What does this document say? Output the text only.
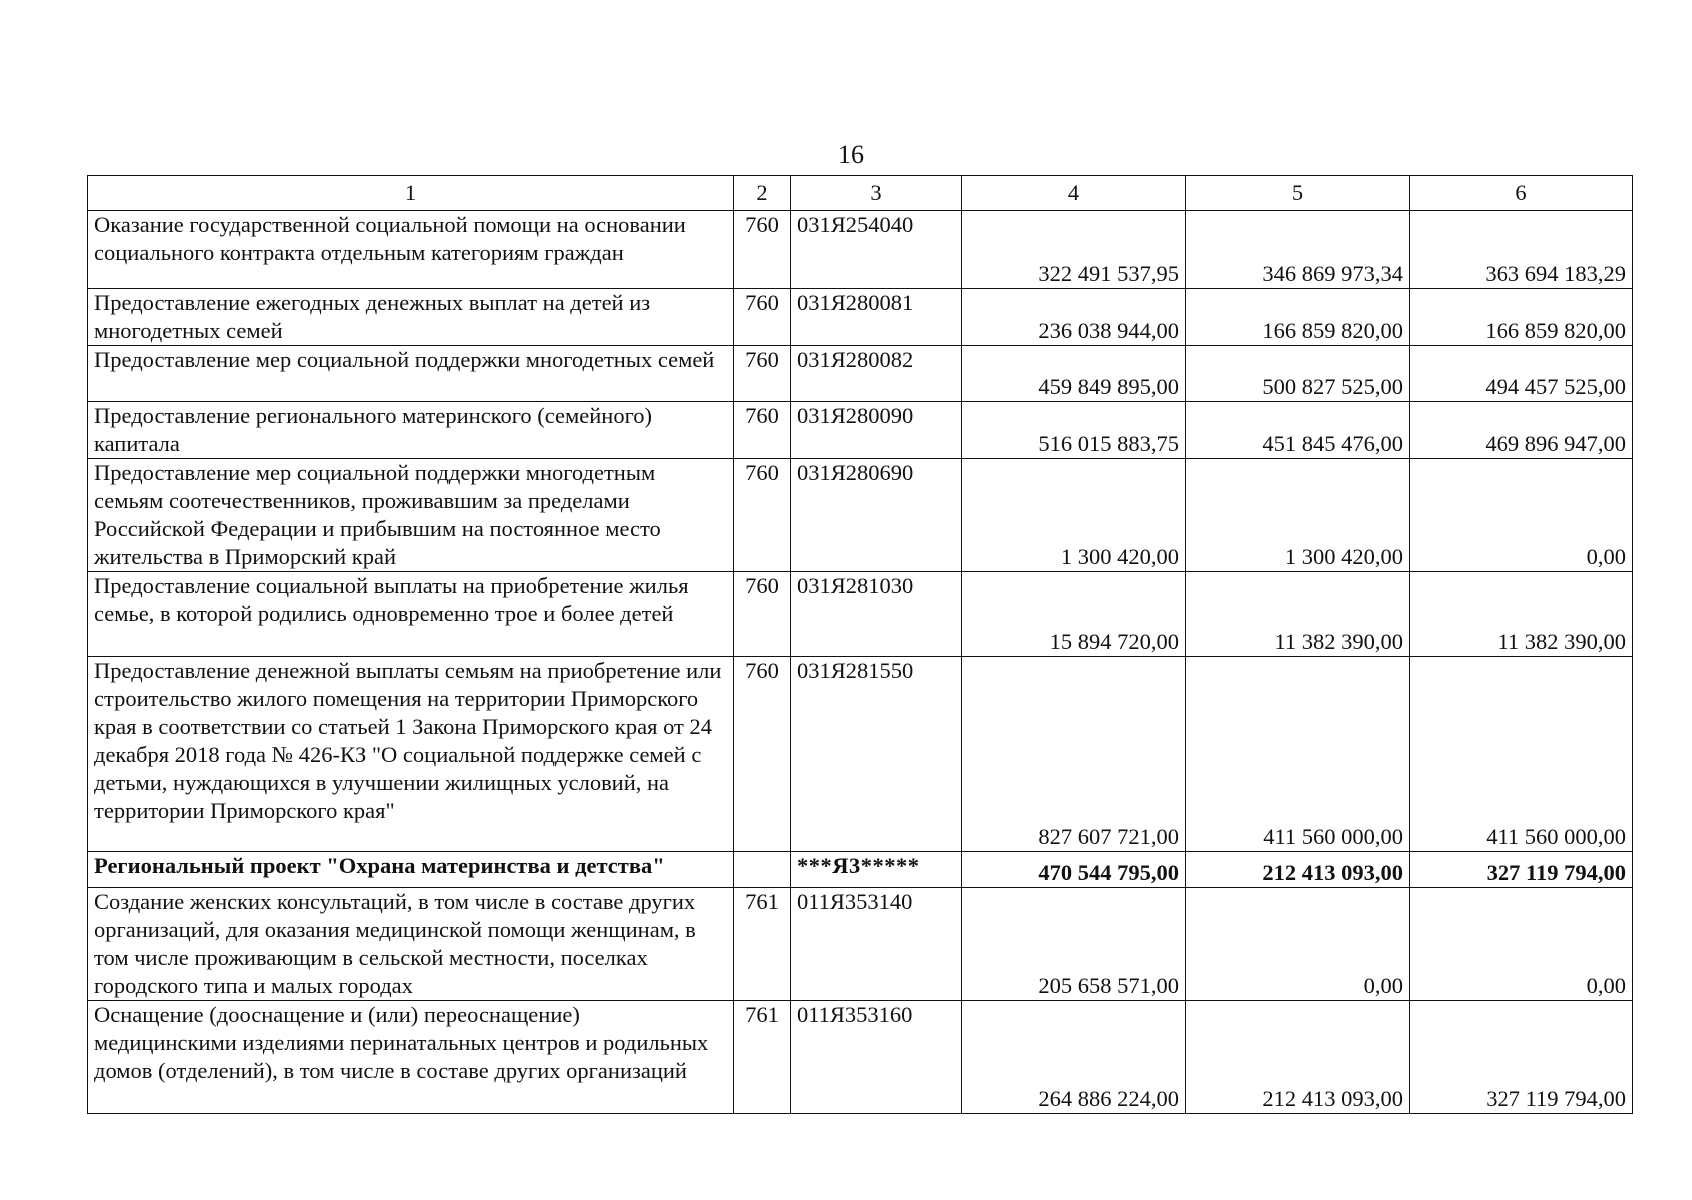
16
1	2	3	4	5	6
Оказание государственной социальной помощи на основании социального контракта отдельным категориям граждан	760	031Я254040	322 491 537,95	346 869 973,34	363 694 183,29
Предоставление ежегодных денежных выплат на детей из многодетных семей	760	031Я280081	236 038 944,00	166 859 820,00	166 859 820,00
Предоставление мер социальной поддержки многодетных семей	760	031Я280082	459 849 895,00	500 827 525,00	494 457 525,00
Предоставление регионального материнского (семейного) капитала	760	031Я280090	516 015 883,75	451 845 476,00	469 896 947,00
Предоставление мер социальной поддержки многодетным семьям соотечественников, проживавшим за пределами Российской Федерации и прибывшим на постоянное место жительства в Приморский край	760	031Я280690	1 300 420,00	1 300 420,00	0,00
Предоставление социальной выплаты на приобретение жилья семье, в которой родились одновременно трое и более детей	760	031Я281030	15 894 720,00	11 382 390,00	11 382 390,00
Предоставление денежной выплаты семьям на приобретение или строительство жилого помещения на территории Приморского края в соответствии со статьей 1 Закона Приморского края от 24 декабря 2018 года № 426-КЗ "О социальной поддержке семей с детьми, нуждающихся в улучшении жилищных условий, на территории Приморского края"	760	031Я281550	827 607 721,00	411 560 000,00	411 560 000,00
Региональный проект "Охрана материнства и детства"		***Я3*****	470 544 795,00	212 413 093,00	327 119 794,00
Создание женских консультаций, в том числе в составе других организаций, для оказания медицинской помощи женщинам, в том числе проживающим в сельской местности, поселках городского типа и малых городах	761	011Я353140	205 658 571,00	0,00	0,00
Оснащение (дооснащение и (или) переоснащение) медицинскими изделиями перинатальных центров и родильных домов (отделений), в том числе в составе других организаций	761	011Я353160	264 886 224,00	212 413 093,00	327 119 794,00
